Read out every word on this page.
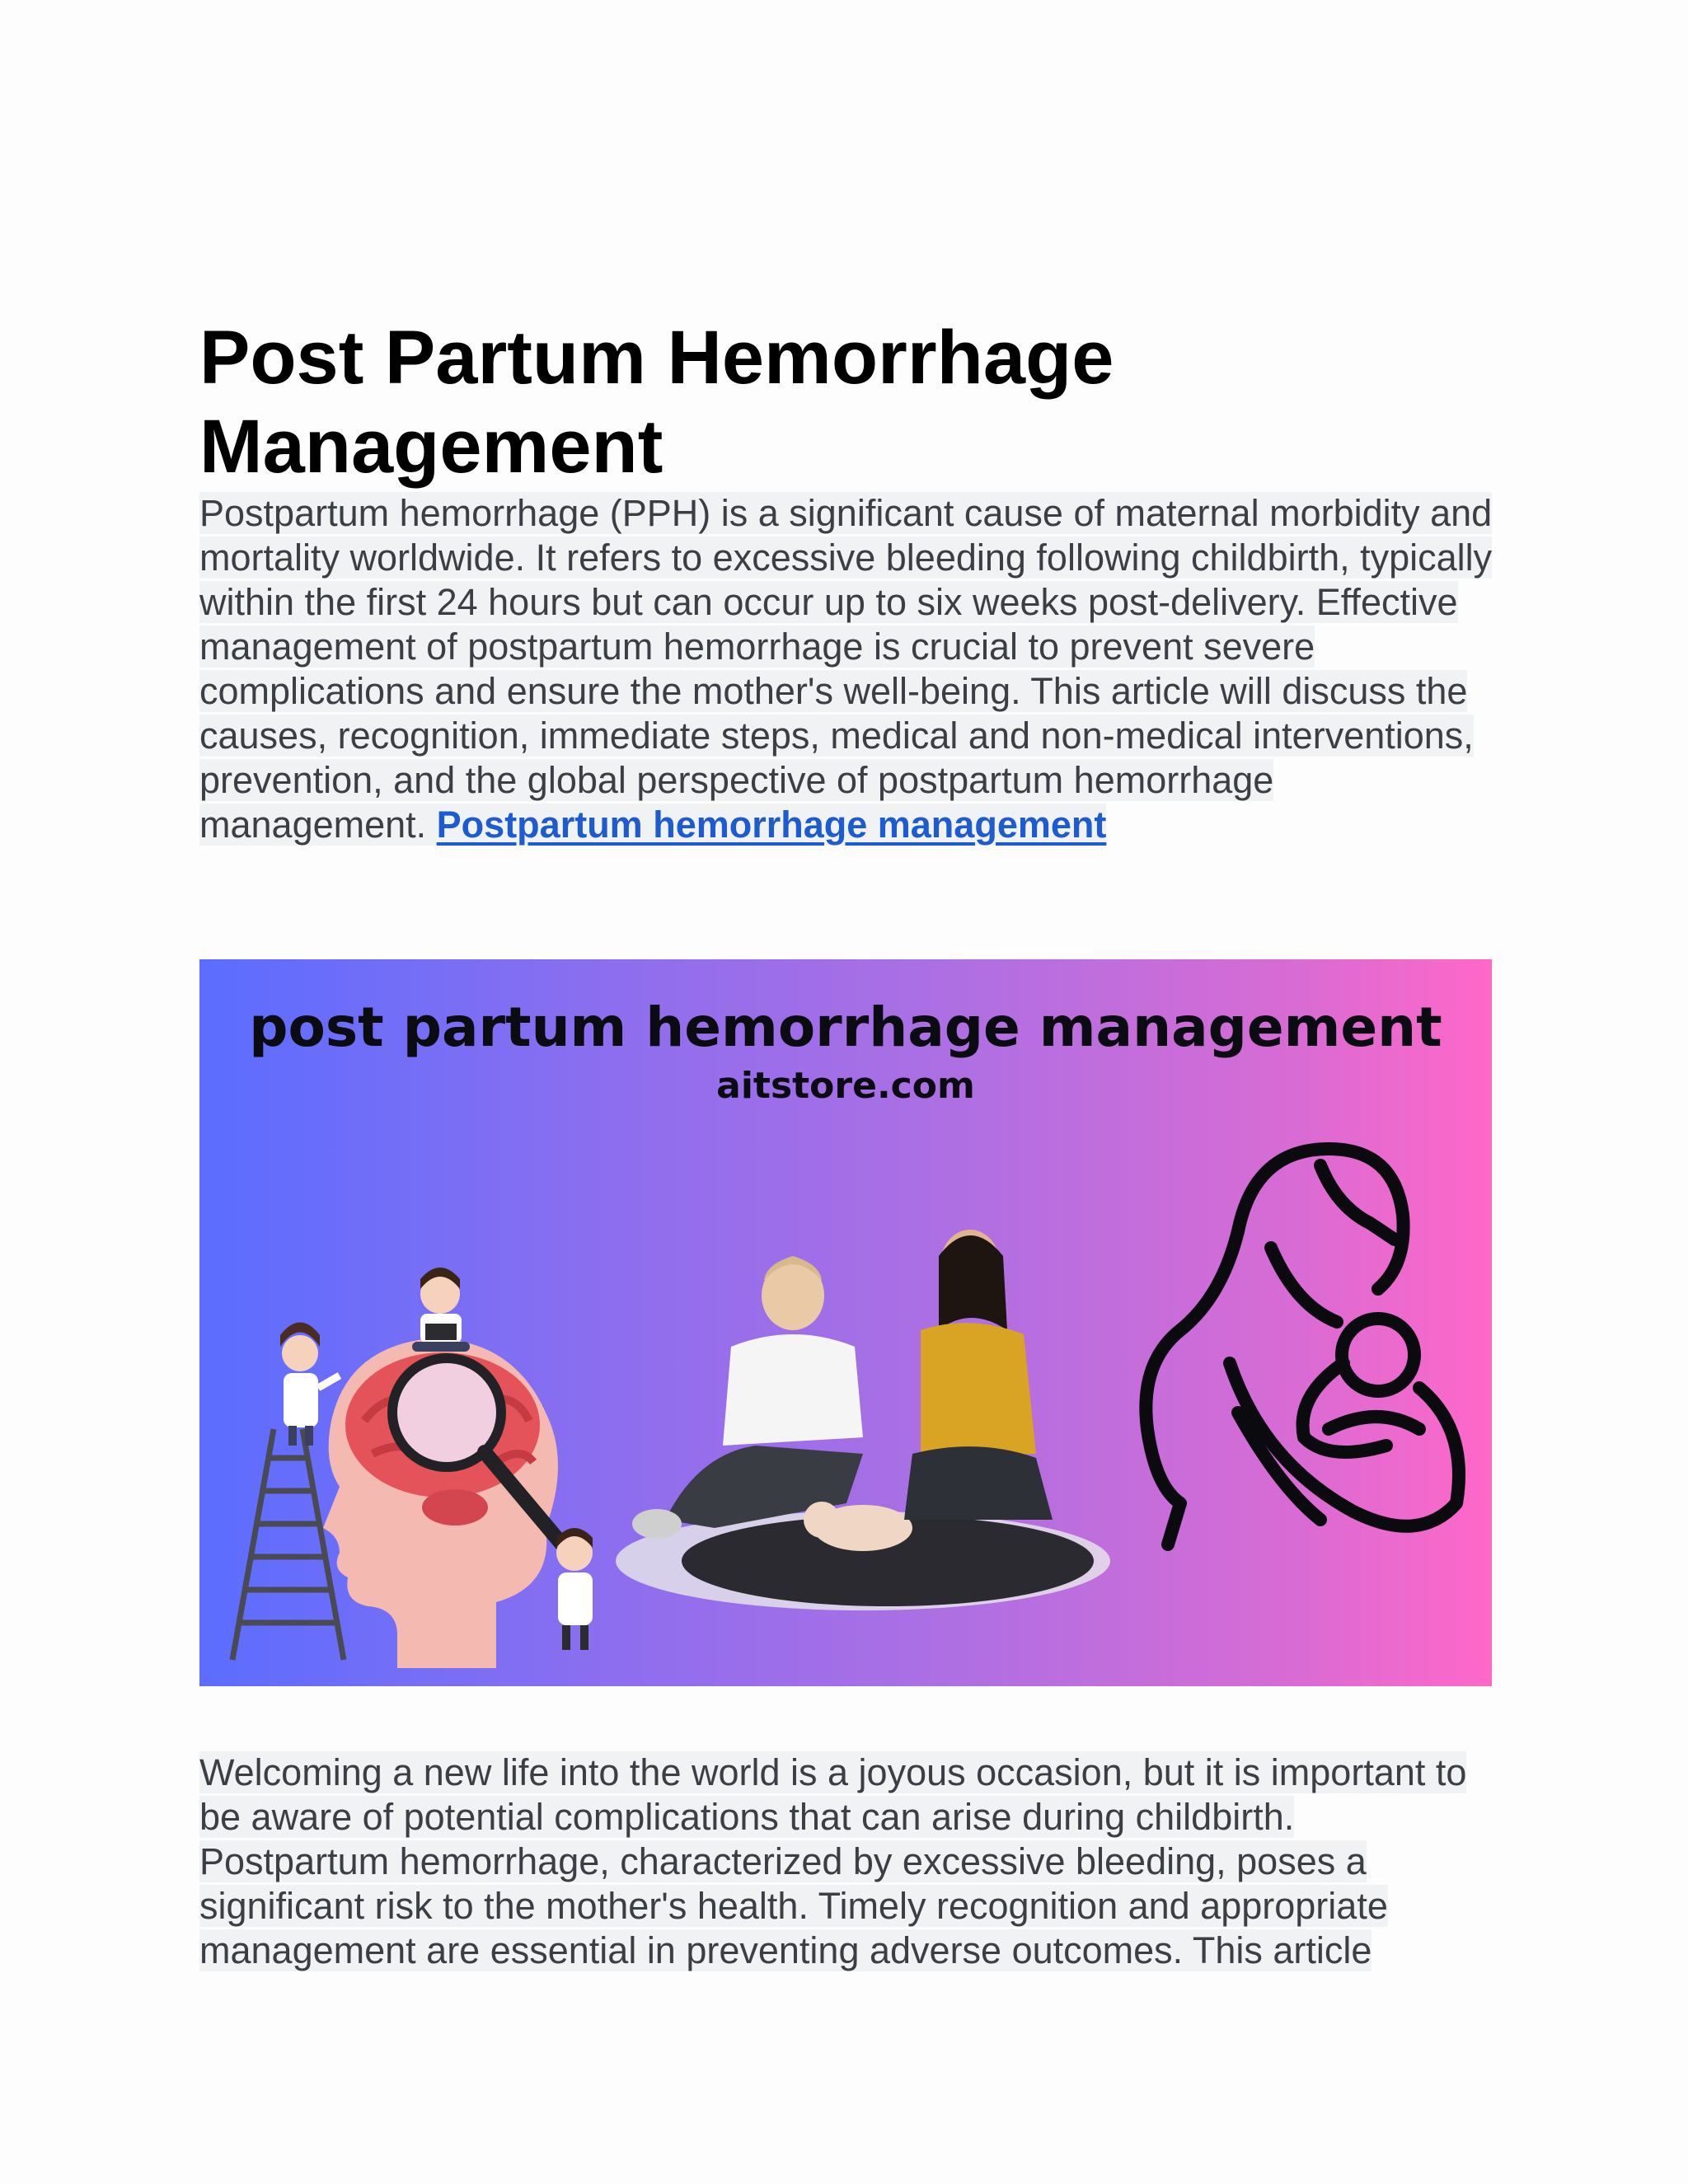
Post Partum Hemorrhage Management

Postpartum hemorrhage (PPH) is a significant cause of maternal morbidity and mortality worldwide. It refers to excessive bleeding following childbirth, typically within the first 24 hours but can occur up to six weeks post-delivery. Effective management of postpartum hemorrhage is crucial to prevent severe complications and ensure the mother's well-being. This article will discuss the causes, recognition, immediate steps, medical and non-medical interventions, prevention, and the global perspective of postpartum hemorrhage management. Postpartum hemorrhage management

post partum hemorrhage management
aitstore.com

Welcoming a new life into the world is a joyous occasion, but it is important to be aware of potential complications that can arise during childbirth. Postpartum hemorrhage, characterized by excessive bleeding, poses a significant risk to the mother's health. Timely recognition and appropriate management are essential in preventing adverse outcomes. This article
